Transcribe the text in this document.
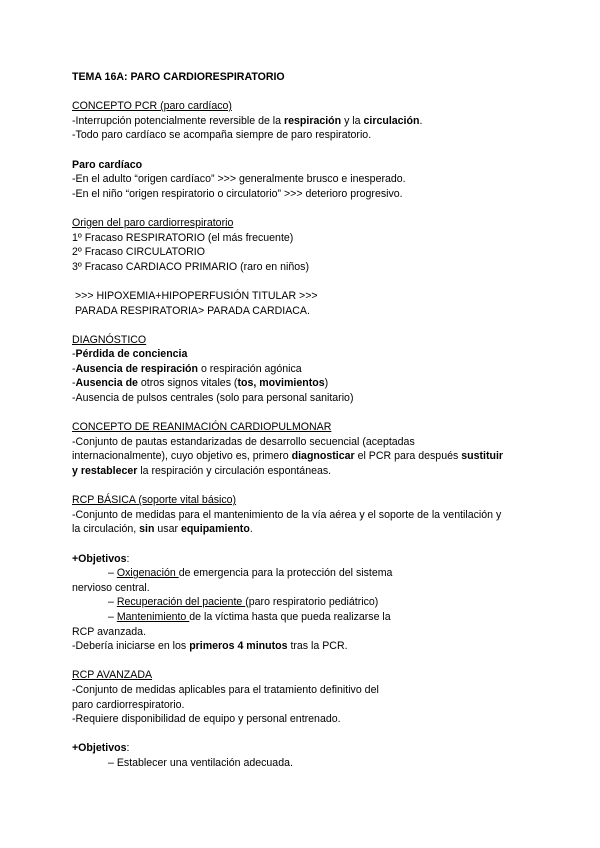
TEMA 16A: PARO CARDIORESPIRATORIO
CONCEPTO PCR (paro cardíaco)
-Interrupción potencialmente reversible de la respiración y la circulación.
-Todo paro cardíaco se acompaña siempre de paro respiratorio.
Paro cardíaco
-En el adulto “origen cardíaco” >>> generalmente brusco e inesperado.
-En el niño “origen respiratorio o circulatorio” >>> deterioro progresivo.
Origen del paro cardiorrespiratorio
1º Fracaso RESPIRATORIO (el más frecuente)
2º Fracaso CIRCULATORIO
3º Fracaso CARDIACO PRIMARIO (raro en niños)
>>> HIPOXEMIA+HIPOPERFUSIÓN TITULAR >>>
PARADA RESPIRATORIA> PARADA CARDIACA.
DIAGNÓSTICO
-Pérdida de conciencia
-Ausencia de respiración o respiración agónica
-Ausencia de otros signos vitales (tos, movimientos)
-Ausencia de pulsos centrales (solo para personal sanitario)
CONCEPTO DE REANIMACIÓN CARDIOPULMONAR
-Conjunto de pautas estandarizadas de desarrollo secuencial (aceptadas
internacionalmente), cuyo objetivo es, primero diagnosticar el PCR para después sustituir
y restablecer la respiración y circulación espontáneas.
RCP BÁSICA (soporte vital básico)
-Conjunto de medidas para el mantenimiento de la vía aérea y el soporte de la ventilación y
la circulación, sin usar equipamiento.
+Objetivos:
– Oxigenación de emergencia para la protección del sistema
nervioso central.
– Recuperación del paciente (paro respiratorio pediátrico)
– Mantenimiento de la víctima hasta que pueda realizarse la
RCP avanzada.
-Debería iniciarse en los primeros 4 minutos tras la PCR.
RCP AVANZADA
-Conjunto de medidas aplicables para el tratamiento definitivo del
paro cardiorrespiratorio.
-Requiere disponibilidad de equipo y personal entrenado.
+Objetivos:
– Establecer una ventilación adecuada.
